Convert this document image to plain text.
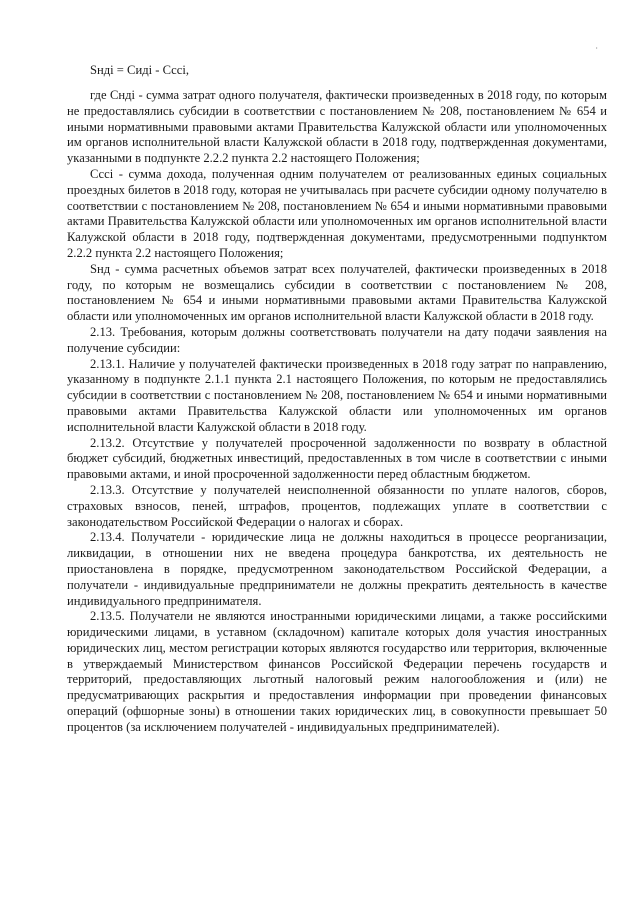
·

Sнді = Сиді - Сссі,

где Снді - сумма затрат одного получателя, фактически произведенных в 2018 году, по которым не предоставлялись субсидии в соответствии с постановлением № 208, постановлением № 654 и иными нормативными правовыми актами Правительства Калужской области или уполномоченных им органов исполнительной власти Калужской области в 2018 году, подтвержденная документами, указанными в подпункте 2.2.2 пункта 2.2 настоящего Положения;

Сссі - сумма дохода, полученная одним получателем от реализованных единых социальных проездных билетов в 2018 году, которая не учитывалась при расчете субсидии одному получателю в соответствии с постановлением № 208, постановлением № 654 и иными нормативными правовыми актами Правительства Калужской области или уполномоченных им органов исполнительной власти Калужской области в 2018 году, подтвержденная документами, предусмотренными подпунктом 2.2.2 пункта 2.2 настоящего Положения;

Sнд - сумма расчетных объемов затрат всех получателей, фактически произведенных в 2018 году, по которым не возмещались субсидии в соответствии с постановлением № 208, постановлением № 654 и иными нормативными правовыми актами Правительства Калужской области или уполномоченных им органов исполнительной власти Калужской области в 2018 году.

2.13. Требования, которым должны соответствовать получатели на дату подачи заявления на получение субсидии:

2.13.1. Наличие у получателей фактически произведенных в 2018 году затрат по направлению, указанному в подпункте 2.1.1 пункта 2.1 настоящего Положения, по которым не предоставлялись субсидии в соответствии с постановлением № 208, постановлением № 654 и иными нормативными правовыми актами Правительства Калужской области или уполномоченных им органов исполнительной власти Калужской области в 2018 году.

2.13.2. Отсутствие у получателей просроченной задолженности по возврату в областной бюджет субсидий, бюджетных инвестиций, предоставленных в том числе в соответствии с иными правовыми актами, и иной просроченной задолженности перед областным бюджетом.

2.13.3. Отсутствие у получателей неисполненной обязанности по уплате налогов, сборов, страховых взносов, пеней, штрафов, процентов, подлежащих уплате в соответствии с законодательством Российской Федерации о налогах и сборах.

2.13.4. Получатели - юридические лица не должны находиться в процессе реорганизации, ликвидации, в отношении них не введена процедура банкротства, их деятельность не приостановлена в порядке, предусмотренном законодательством Российской Федерации, а получатели - индивидуальные предприниматели не должны прекратить деятельность в качестве индивидуального предпринимателя.

2.13.5. Получатели не являются иностранными юридическими лицами, а также российскими юридическими лицами, в уставном (складочном) капитале которых доля участия иностранных юридических лиц, местом регистрации которых являются государство или территория, включенные в утверждаемый Министерством финансов Российской Федерации перечень государств и территорий, предоставляющих льготный налоговый режим налогообложения и (или) не предусматривающих раскрытия и предоставления информации при проведении финансовых операций (офшорные зоны) в отношении таких юридических лиц, в совокупности превышает 50 процентов (за исключением получателей - индивидуальных предпринимателей).
